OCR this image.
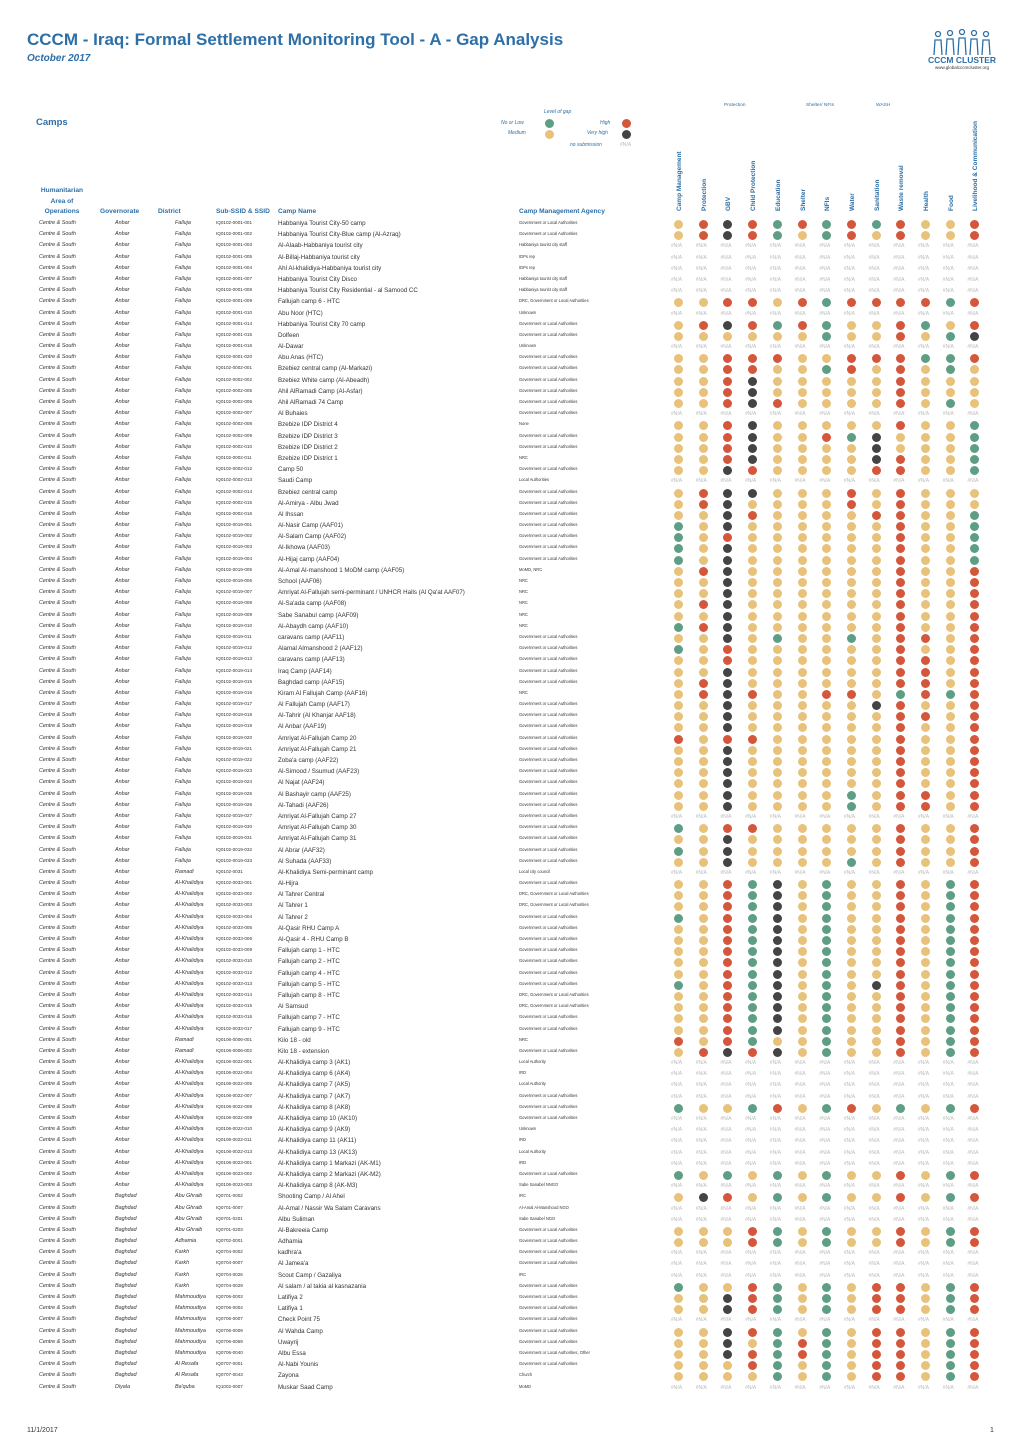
CCCM - Iraq: Formal Settlement Monitoring Tool - A - Gap Analysis
October 2017	CCCM CLUSTER
www.globalcccmcluster.org
Camps
Level of gap
No or Low
Medium
High
Very high
no submission	#N/A
Protection	Shelter/ NFIs	WASH
Humanitarian
Area of
Operations	Governorate	District	Sub-SSID & SSID Camp Name	Camp Management Agency
Camp Management	Protection	GBV	Child Protection	Education	Shelter	NFIs	Water	Sanitation	Waste removal	Health	Food	Livelihood & Communication
Centre & South	Anbar	Falluja	IQ0102-0001-001	Habbaniya Tourist City-50 camp	Government or Local Authorities
Centre & South	Anbar	Falluja	IQ0102-0001-002	Habbaniya Tourist City-Blue camp (Al-Azraq)	Government or Local Authorities
Centre & South	Anbar	Falluja	IQ0102-0001-003	Al-Alaab-Habbaniya tourist city	Habbaniya tourist city staff	#N/A	#N/A	#N/A	#N/A	#N/A	#N/A	#N/A	#N/A	#N/A	#N/A	#N/A	#N/A	#N/A
Centre & South	Anbar	Falluja	IQ0102-0001-005	Al-Billaj-Habbaniya tourist city	IDPs rep	#N/A	#N/A	#N/A	#N/A	#N/A	#N/A	#N/A	#N/A	#N/A	#N/A	#N/A	#N/A	#N/A
Centre & South	Anbar	Falluja	IQ0102-0001-004	Ahl Al-khalidiya-Habbaniya tourist city	IDPs rep	#N/A	#N/A	#N/A	#N/A	#N/A	#N/A	#N/A	#N/A	#N/A	#N/A	#N/A	#N/A	#N/A
Centre & South	Anbar	Falluja	IQ0102-0001-007	Habbaniya Tourist City Disco	Habbaniya tourist city staff	#N/A	#N/A	#N/A	#N/A	#N/A	#N/A	#N/A	#N/A	#N/A	#N/A	#N/A	#N/A	#N/A
Centre & South	Anbar	Falluja	IQ0102-0001-008	Habbaniya Tourist City Residential - al Samood CC	Habbaniya tourist city staff	#N/A	#N/A	#N/A	#N/A	#N/A	#N/A	#N/A	#N/A	#N/A	#N/A	#N/A	#N/A	#N/A
Centre & South	Anbar	Falluja	IQ0102-0001-009	Fallujah camp 6 - HTC	DRC, Government or Local Authorities
Centre & South	Anbar	Falluja	IQ0102-0001-010	Abu Noor (HTC)	Unknown	#N/A	#N/A	#N/A	#N/A	#N/A	#N/A	#N/A	#N/A	#N/A	#N/A	#N/A	#N/A	#N/A
Centre & South	Anbar	Falluja	IQ0102-0001-014	Habbaniya Tourist City 70 camp	Government or Local Authorities
Centre & South	Anbar	Falluja	IQ0102-0001-015	Dolfeen	Government or Local Authorities
Centre & South	Anbar	Falluja	IQ0102-0001-016	Al-Dawar	Unknown	#N/A	#N/A	#N/A	#N/A	#N/A	#N/A	#N/A	#N/A	#N/A	#N/A	#N/A	#N/A	#N/A
Centre & South	Anbar	Falluja	IQ0102-0001-020	Abu Anas (HTC)	Government or Local Authorities
Centre & South	Anbar	Falluja	IQ0102-0002-001	Bzebiez central camp (Al-Markazi)	Government or Local Authorities
Centre & South	Anbar	Falluja	IQ0102-0002-002	Bzebiez White camp (Al-Abeadh)	Government or Local Authorities
Centre & South	Anbar	Falluja	IQ0102-0002-005	Ahil AlRamadi Camp (Al-Asfar)	Government or Local Authorities
Centre & South	Anbar	Falluja	IQ0102-0002-006	Ahil AlRamadi 74 Camp	Government or Local Authorities
Centre & South	Anbar	Falluja	IQ0102-0002-007	Al Buhaies	Government or Local Authorities	#N/A	#N/A	#N/A	#N/A	#N/A	#N/A	#N/A	#N/A	#N/A	#N/A	#N/A	#N/A	#N/A
Centre & South	Anbar	Falluja	IQ0102-0002-008	Bzebize IDP District 4	None
Centre & South	Anbar	Falluja	IQ0102-0002-009	Bzebize IDP District 3	Government or Local Authorities
Centre & South	Anbar	Falluja	IQ0102-0002-010	Bzebize IDP District 2	Government or Local Authorities
Centre & South	Anbar	Falluja	IQ0102-0002-011	Bzebize IDP District 1	NRC
Centre & South	Anbar	Falluja	IQ0102-0002-012	Camp 50	Government or Local Authorities
Centre & South	Anbar	Falluja	IQ0102-0002-013	Saudi Camp	Local Authorities	#N/A	#N/A	#N/A	#N/A	#N/A	#N/A	#N/A	#N/A	#N/A	#N/A	#N/A	#N/A	#N/A
Centre & South	Anbar	Falluja	IQ0102-0002-014	Bzebiez central camp	Government or Local Authorities
Centre & South	Anbar	Falluja	IQ0102-0002-015	Al-Amirya - Albu Jwad	Government or Local Authorities
Centre & South	Anbar	Falluja	IQ0102-0002-016	Al Ihssan	Government or Local Authorities
Centre & South	Anbar	Falluja	IQ0102-0019-001	Al-Nasir Camp (AAF01)	Government or Local Authorities
Centre & South	Anbar	Falluja	IQ0102-0019-002	Al-Salam Camp (AAF02)	Government or Local Authorities
Centre & South	Anbar	Falluja	IQ0102-0019-003	Al-Ikhowa (AAF03)	Government or Local Authorities
Centre & South	Anbar	Falluja	IQ0102-0019-004	Al-Hijaj camp (AAF04)	Government or Local Authorities
Centre & South	Anbar	Falluja	IQ0102-0019-005	Al-Amal Al-manshood 1 MoDM camp (AAF05)	MoMD, NRC
Centre & South	Anbar	Falluja	IQ0102-0019-006	School (AAF06)	NRC
Centre & South	Anbar	Falluja	IQ0102-0019-007	Amriyat Al-Fallujah semi-perminant / UNHCR Halls (Al Qa'at AAF07)	NRC
Centre & South	Anbar	Falluja	IQ0102-0019-008	Al-Sa'ada camp (AAF08)	NRC
Centre & South	Anbar	Falluja	IQ0102-0019-009	Sabe Sanabul camp (AAF09)	NRC
Centre & South	Anbar	Falluja	IQ0102-0019-010	Al-Abaydh camp (AAF10)	NRC
Centre & South	Anbar	Falluja	IQ0102-0019-011	caravans camp (AAF11)	Government or Local Authorities
Centre & South	Anbar	Falluja	IQ0102-0019-012	Alamal Almanshood 2 (AAF12)	Government or Local Authorities
Centre & South	Anbar	Falluja	IQ0102-0019-013	caravans camp (AAF13)	Government or Local Authorities
Centre & South	Anbar	Falluja	IQ0102-0019-014	Iraq Camp (AAF14)	Government or Local Authorities
Centre & South	Anbar	Falluja	IQ0102-0019-015	Baghdad camp (AAF15)	Government or Local Authorities
Centre & South	Anbar	Falluja	IQ0102-0019-016	Kiram Al Fallujah Camp (AAF16)	NRC
Centre & South	Anbar	Falluja	IQ0102-0019-017	Al Fallujah Camp (AAF17)	Government or Local Authorities
Centre & South	Anbar	Falluja	IQ0102-0019-018	Al-Tahrir (Al Khanjar AAF18)	Government or Local Authorities
Centre & South	Anbar	Falluja	IQ0102-0019-019	Al Anbar (AAF19)	Government or Local Authorities
Centre & South	Anbar	Falluja	IQ0102-0019-020	Amriyat Al-Fallujah Camp 20	Government or Local Authorities
Centre & South	Anbar	Falluja	IQ0102-0019-021	Amriyat Al-Fallujah Camp 21	Government or Local Authorities
Centre & South	Anbar	Falluja	IQ0102-0019-022	Zoba'a camp (AAF22)	Government or Local Authorities
Centre & South	Anbar	Falluja	IQ0102-0019-023	Al-Simood / Ssumud (AAF23)	Government or Local Authorities
Centre & South	Anbar	Falluja	IQ0102-0019-024	Al Najat (AAF24)	Government or Local Authorities
Centre & South	Anbar	Falluja	IQ0102-0019-025	Al Bashayir camp (AAF25)	Government or Local Authorities
Centre & South	Anbar	Falluja	IQ0102-0019-026	Al-Tahadi (AAF26)	Government or Local Authorities
Centre & South	Anbar	Falluja	IQ0102-0019-027	Amriyat Al-Fallujah Camp 27	Government or Local Authorities	#N/A	#N/A	#N/A	#N/A	#N/A	#N/A	#N/A	#N/A	#N/A	#N/A	#N/A	#N/A	#N/A
Centre & South	Anbar	Falluja	IQ0102-0019-030	Amriyat Al-Fallujah Camp 30	Government or Local Authorities
Centre & South	Anbar	Falluja	IQ0102-0019-031	Amriyat Al-Fallujah Camp 31	Government or Local Authorities
Centre & South	Anbar	Falluja	IQ0102-0019-032	Al Abrar (AAF32)	Government or Local Authorities
Centre & South	Anbar	Falluja	IQ0102-0019-033	Al Suhada (AAF33)	Government or Local Authorities
Centre & South	Anbar	Ramadi	IQ0102-0031	Al-Khalidiya Semi-perminant camp	Local city council	#N/A	#N/A	#N/A	#N/A	#N/A	#N/A	#N/A	#N/A	#N/A	#N/A	#N/A	#N/A	#N/A
Centre & South	Anbar	Al-Khalidiya	IQ0102-0033-001	Al-Hijra	Government or Local Authorities
Centre & South	Anbar	Al-Khalidiya	IQ0102-0033-002	Al Tahrer Central	DRC, Government or Local Authorities
Centre & South	Anbar	Al-Khalidiya	IQ0102-0033-003	Al Tahrer 1	DRC, Government or Local Authorities
Centre & South	Anbar	Al-Khalidiya	IQ0102-0033-004	Al Tahrer 2	Government or Local Authorities
Centre & South	Anbar	Al-Khalidiya	IQ0102-0033-005	Al-Qasir RHU Camp A	Government or Local Authorities
Centre & South	Anbar	Al-Khalidiya	IQ0102-0033-006	Al-Qasir 4 - RHU Camp B	Government or Local Authorities
Centre & South	Anbar	Al-Khalidiya	IQ0102-0033-009	Fallujah camp 1 - HTC	Government or Local Authorities
Centre & South	Anbar	Al-Khalidiya	IQ0102-0033-010	Fallujah camp 2 - HTC	Government or Local Authorities
Centre & South	Anbar	Al-Khalidiya	IQ0102-0033-012	Fallujah camp 4 - HTC	Government or Local Authorities
Centre & South	Anbar	Al-Khalidiya	IQ0102-0033-013	Fallujah camp 5 - HTC	Government or Local Authorities
Centre & South	Anbar	Al-Khalidiya	IQ0102-0033-014	Fallujah camp 8 - HTC	DRC, Government or Local Authorities
Centre & South	Anbar	Al-Khalidiya	IQ0102-0033-015	Al Samsud	DRC, Government or Local Authorities
Centre & South	Anbar	Al-Khalidiya	IQ0102-0033-016	Fallujah camp 7 - HTC	Government or Local Authorities
Centre & South	Anbar	Al-Khalidiya	IQ0102-0033-017	Fallujah camp 9 - HTC	Government or Local Authorities
Centre & South	Anbar	Ramadi	IQ0106-0006-001	Kilo 18 - old	NRC
Centre & South	Anbar	Ramadi	IQ0106-0006-002	Kilo 18 - extension	Government or Local Authorities
Centre & South	Anbar	Al-Khalidiya	IQ0106-0022-001	Al-Khalidiya camp 3 (AK1)	Local Authority	#N/A	#N/A	#N/A	#N/A	#N/A	#N/A	#N/A	#N/A	#N/A	#N/A	#N/A	#N/A	#N/A
Centre & South	Anbar	Al-Khalidiya	IQ0106-0022-004	Al-Khalidiya camp 6 (AK4)	IRD	#N/A	#N/A	#N/A	#N/A	#N/A	#N/A	#N/A	#N/A	#N/A	#N/A	#N/A	#N/A	#N/A
Centre & South	Anbar	Al-Khalidiya	IQ0106-0022-005	Al-Khalidiya camp 7 (AK5)	Local Authority	#N/A	#N/A	#N/A	#N/A	#N/A	#N/A	#N/A	#N/A	#N/A	#N/A	#N/A	#N/A	#N/A
Centre & South	Anbar	Al-Khalidiya	IQ0106-0022-007	Al-Khalidiya camp 7 (AK7)	Government or Local Authorities	#N/A	#N/A	#N/A	#N/A	#N/A	#N/A	#N/A	#N/A	#N/A	#N/A	#N/A	#N/A	#N/A
Centre & South	Anbar	Al-Khalidiya	IQ0106-0022-008	Al-Khalidiya camp 8 (AK8)	Government or Local Authorities
Centre & South	Anbar	Al-Khalidiya	IQ0106-0022-009	Al-Khalidiya camp 10 (AK10)	Government or Local Authorities	#N/A	#N/A	#N/A	#N/A	#N/A	#N/A	#N/A	#N/A	#N/A	#N/A	#N/A	#N/A	#N/A
Centre & South	Anbar	Al-Khalidiya	IQ0106-0022-010	Al-Khalidiya camp 9 (AK9)	Unknown	#N/A	#N/A	#N/A	#N/A	#N/A	#N/A	#N/A	#N/A	#N/A	#N/A	#N/A	#N/A	#N/A
Centre & South	Anbar	Al-Khalidiya	IQ0106-0022-011	Al-Khalidiya camp 11 (AK11)	IRD	#N/A	#N/A	#N/A	#N/A	#N/A	#N/A	#N/A	#N/A	#N/A	#N/A	#N/A	#N/A	#N/A
Centre & South	Anbar	Al-Khalidiya	IQ0106-0022-013	Al-Khalidiya camp 13 (AK13)	Local Authority	#N/A	#N/A	#N/A	#N/A	#N/A	#N/A	#N/A	#N/A	#N/A	#N/A	#N/A	#N/A	#N/A
Centre & South	Anbar	Al-Khalidiya	IQ0106-0023-001	Al-Khalidiya camp 1 Markazi (AK-M1)	IRD	#N/A	#N/A	#N/A	#N/A	#N/A	#N/A	#N/A	#N/A	#N/A	#N/A	#N/A	#N/A	#N/A
Centre & South	Anbar	Al-Khalidiya	IQ0106-0023-002	Al-Khalidiya camp 2 Markazi (AK-M2)	Government or Local Authorities
Centre & South	Anbar	Al-Khalidiya	IQ0106-0023-003	Al-Khalidiya camp 8 (AK-M3)	Sabe Sanabel NNGO	#N/A	#N/A	#N/A	#N/A	#N/A	#N/A	#N/A	#N/A	#N/A	#N/A	#N/A	#N/A	#N/A
Centre & South	Baghdad	Abu Ghraib	IQ0701-0002	Shooting Camp / Al Ahel	IRC
Centre & South	Baghdad	Abu Ghraib	IQ0701-0007	Al-Amal / Nassir Wa Salam Caravans	Al-Amal Al-Manshood NGO	#N/A	#N/A	#N/A	#N/A	#N/A	#N/A	#N/A	#N/A	#N/A	#N/A	#N/A	#N/A	#N/A
Centre & South	Baghdad	Abu Ghraib	IQ0701-0201	Albu Suliman	Sabe Sanabel NGO	#N/A	#N/A	#N/A	#N/A	#N/A	#N/A	#N/A	#N/A	#N/A	#N/A	#N/A	#N/A	#N/A
Centre & South	Baghdad	Abu Ghraib	IQ0701-0203	Al-Bakreeia Camp	Government or Local Authorities
Centre & South	Baghdad	Adhamia	IQ0702-0001	Adhamia	Government or Local Authorities
Centre & South	Baghdad	Karkh	IQ0704-0002	kadhra'a	Government or Local Authorities	#N/A	#N/A	#N/A	#N/A	#N/A	#N/A	#N/A	#N/A	#N/A	#N/A	#N/A	#N/A	#N/A
Centre & South	Baghdad	Karkh	IQ0704-0007	Al Jamea'a	Government or Local Authorities	#N/A	#N/A	#N/A	#N/A	#N/A	#N/A	#N/A	#N/A	#N/A	#N/A	#N/A	#N/A	#N/A
Centre & South	Baghdad	Karkh	IQ0704-0026	Scout Camp / Gazaliya	IRC	#N/A	#N/A	#N/A	#N/A	#N/A	#N/A	#N/A	#N/A	#N/A	#N/A	#N/A	#N/A	#N/A
Centre & South	Baghdad	Karkh	IQ0704-0029	Al salam / al takia al kasnazania	Government or Local Authorities
Centre & South	Baghdad	Mahmoudiya IQ0706-0003	Latifiya 2	Government or Local Authorities
Centre & South	Baghdad	Mahmoudiya IQ0706-0004	Latifiya 1	Government or Local Authorities
Centre & South	Baghdad	Mahmoudiya IQ0706-0007	Check Point 75	Government or Local Authorities	#N/A	#N/A	#N/A	#N/A	#N/A	#N/A	#N/A	#N/A	#N/A	#N/A	#N/A	#N/A	#N/A
Centre & South	Baghdad	Mahmoudiya IQ0706-0009	Al Wahda Camp	Government or Local Authorities
Centre & South	Baghdad	Mahmoudiya IQ0706-0059	Uwayrij	Government or Local Authorities
Centre & South	Baghdad	Mahmoudiya IQ0706-0040	Albu Essa	Government or Local Authorities, Other
Centre & South	Baghdad	Al Resafa	IQ0707-0001	Al-Nabi Younis	Government or Local Authorities
Centre & South	Baghdad	Al Resafa	IQ0707-0043	Zayona	Church
Centre & South	Diyala	Ba'quba	IQ1002-0007	Muskar Saad Camp	MoMD	#N/A	#N/A	#N/A	#N/A	#N/A	#N/A	#N/A	#N/A	#N/A	#N/A	#N/A	#N/A	#N/A
11/1/2017	1
